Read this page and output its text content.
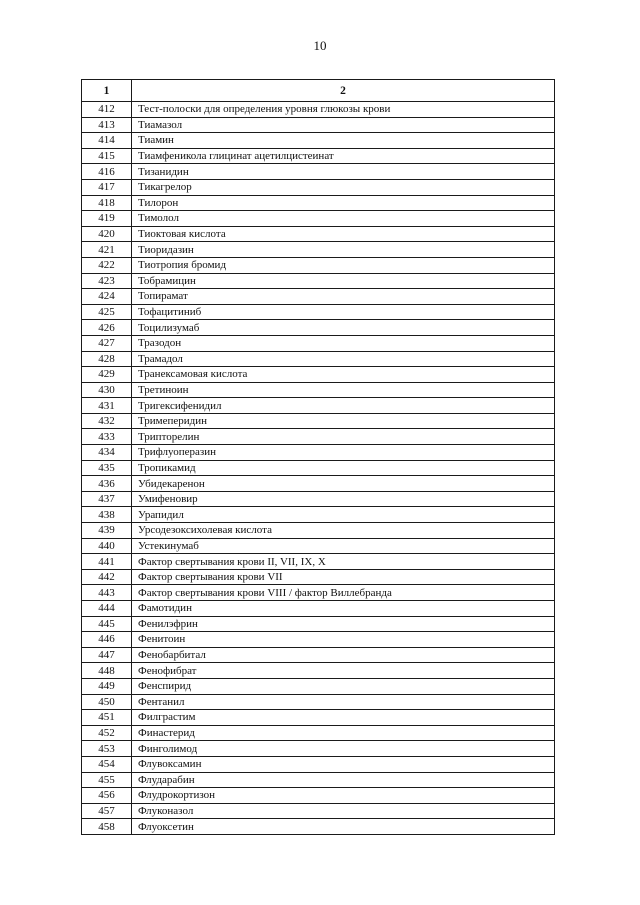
10
1	2
412	Тест-полоски для определения уровня глюкозы крови
413	Тиамазол
414	Тиамин
415	Тиамфеникола глицинат ацетилцистеинат
416	Тизанидин
417	Тикагрелор
418	Тилорон
419	Тимолол
420	Тиоктовая кислота
421	Тиоридазин
422	Тиотропия бромид
423	Тобрамицин
424	Топирамат
425	Тофацитиниб
426	Тоцилизумаб
427	Тразодон
428	Трамадол
429	Транексамовая кислота
430	Третиноин
431	Тригексифенидил
432	Тримеперидин
433	Трипторелин
434	Трифлуоперазин
435	Тропикамид
436	Убидекаренон
437	Умифеновир
438	Урапидил
439	Урсодезоксихолевая кислота
440	Устекинумаб
441	Фактор свертывания крови II, VII, IX, X
442	Фактор свертывания крови VII
443	Фактор свертывания крови VIII / фактор Виллебранда
444	Фамотидин
445	Фенилэфрин
446	Фенитоин
447	Фенобарбитал
448	Фенофибрат
449	Фенспирид
450	Фентанил
451	Филграстим
452	Финастерид
453	Финголимод
454	Флувоксамин
455	Флударабин
456	Флудрокортизон
457	Флуконазол
458	Флуоксетин
